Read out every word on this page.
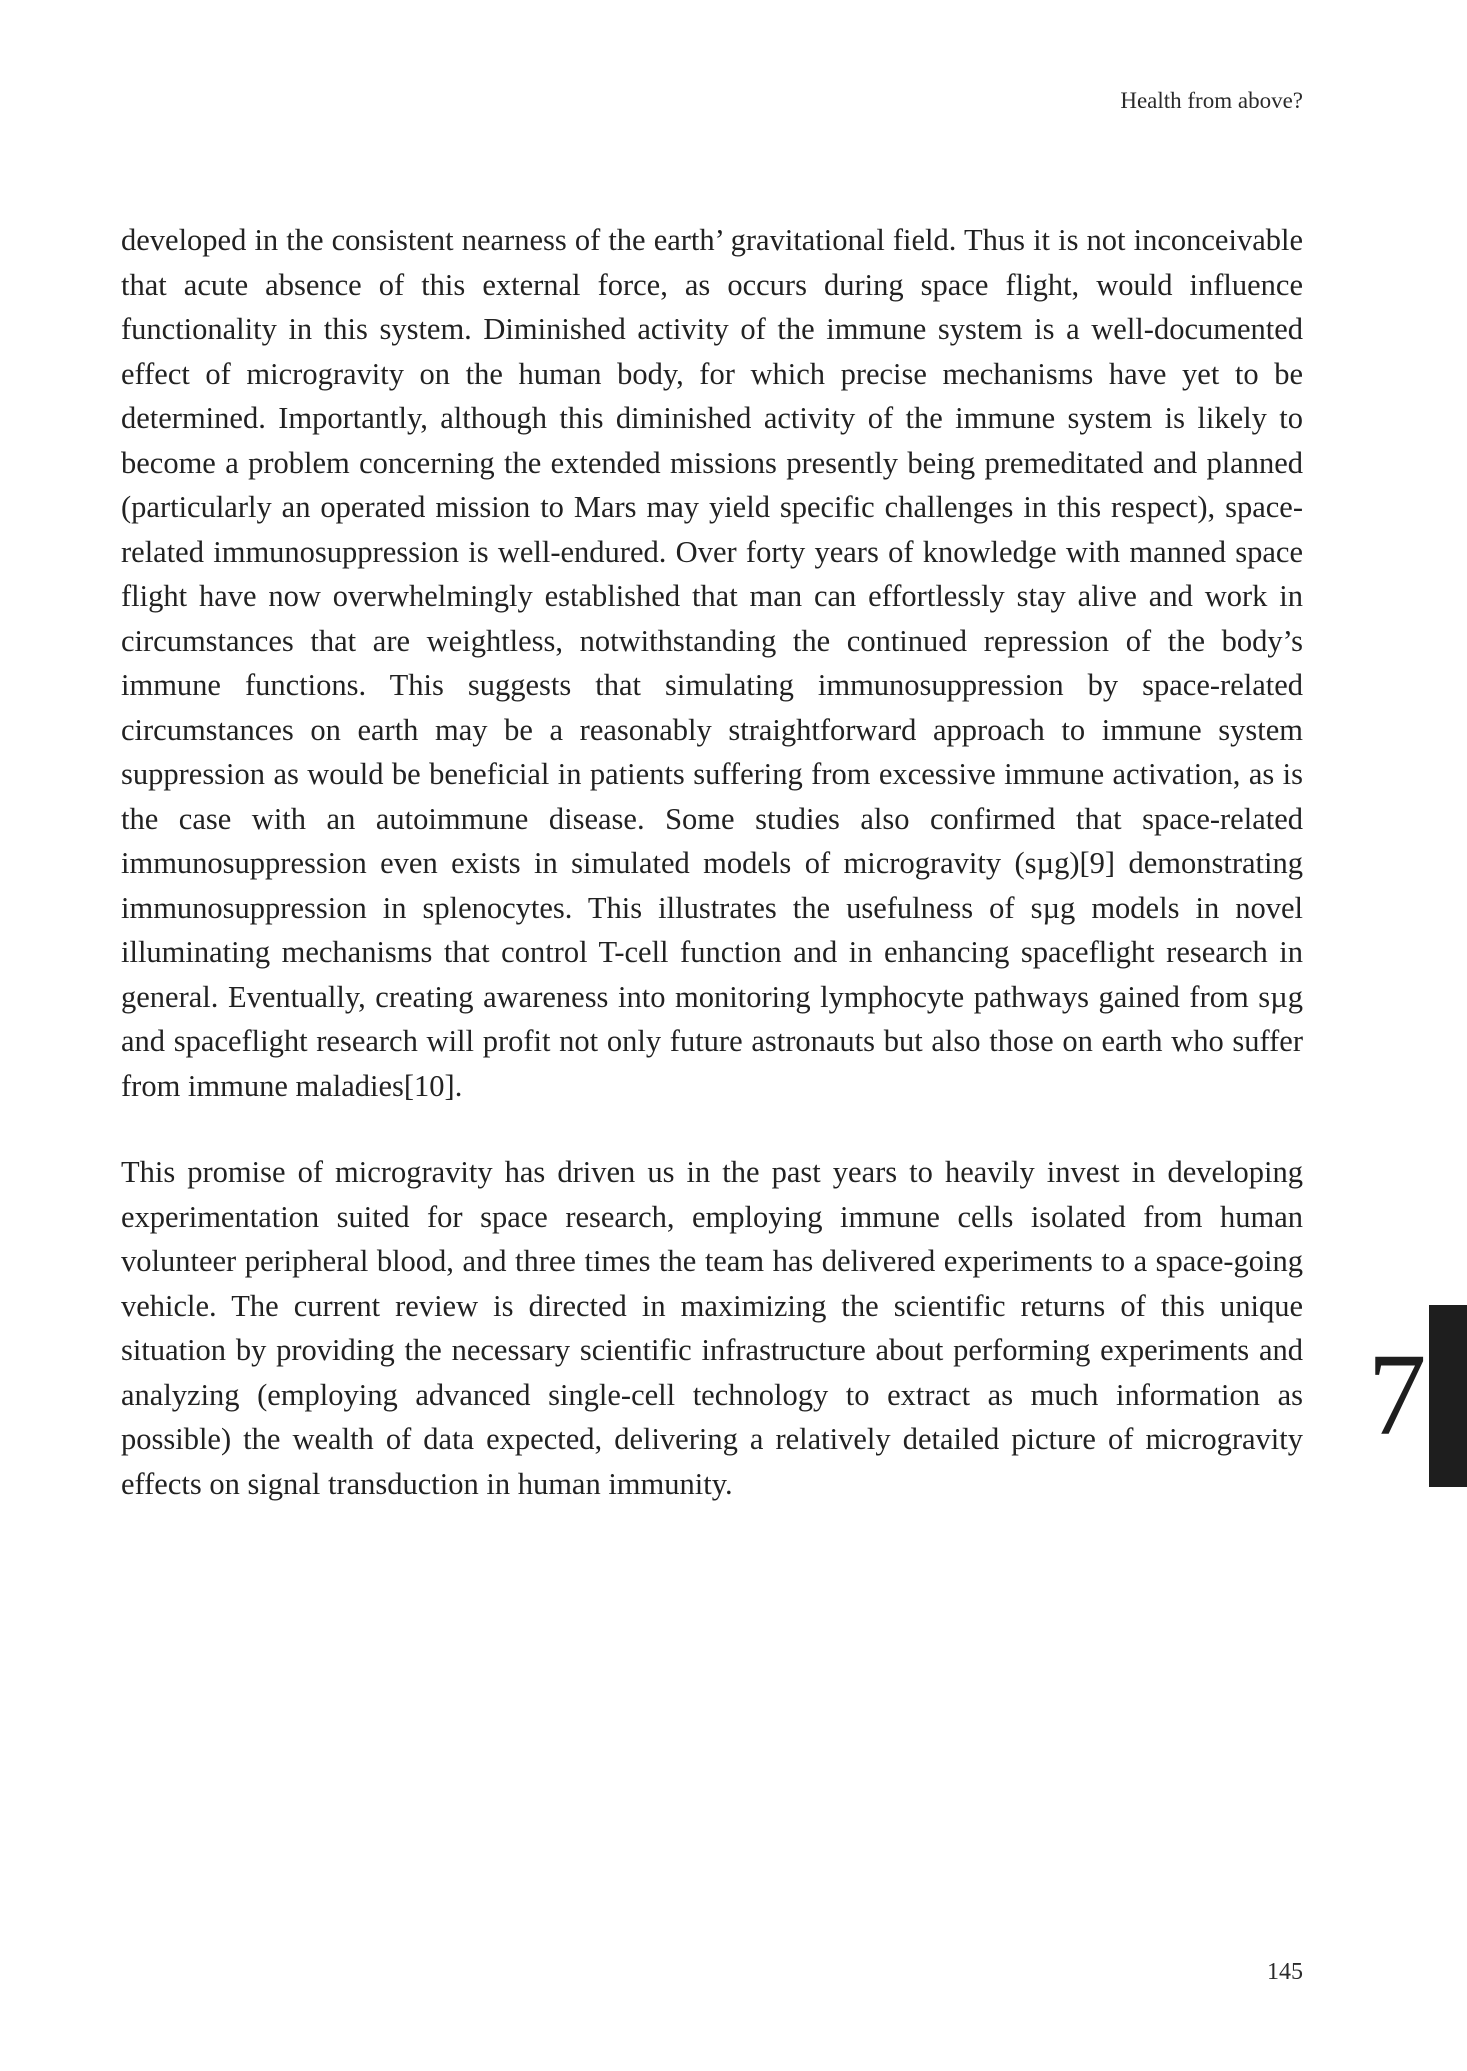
Health from above?

developed in the consistent nearness of the earth’ gravitational field. Thus it is not inconceivable that acute absence of this external force, as occurs during space flight, would influence functionality in this system. Diminished activity of the immune system is a well-documented effect of microgravity on the human body, for which precise mechanisms have yet to be determined. Importantly, although this diminished activity of the immune system is likely to become a problem concerning the extended missions presently being premeditated and planned (particularly an operated mission to Mars may yield specific challenges in this respect), space-related immunosuppression is well-endured. Over forty years of knowledge with manned space flight have now overwhelmingly established that man can effortlessly stay alive and work in circumstances that are weightless, notwithstanding the continued repression of the body’s immune functions. This suggests that simulating immunosuppression by space-related circumstances on earth may be a reasonably straightforward approach to immune system suppression as would be beneficial in patients suffering from excessive immune activation, as is the case with an autoimmune disease. Some studies also confirmed that space-related immunosuppression even exists in simulated models of microgravity (sµg)[9] demonstrating immunosuppression in splenocytes. This illustrates the usefulness of sµg models in novel illuminating mechanisms that control T-cell function and in enhancing spaceflight research in general. Eventually, creating awareness into monitoring lymphocyte pathways gained from sµg and spaceflight research will profit not only future astronauts but also those on earth who suffer from immune maladies[10].

This promise of microgravity has driven us in the past years to heavily invest in developing experimentation suited for space research, employing immune cells isolated from human volunteer peripheral blood, and three times the team has delivered experiments to a space-going vehicle. The current review is directed in maximizing the scientific returns of this unique situation by providing the necessary scientific infrastructure about performing experiments and analyzing (employing advanced single-cell technology to extract as much information as possible) the wealth of data expected, delivering a relatively detailed picture of microgravity effects on signal transduction in human immunity.

7
145
